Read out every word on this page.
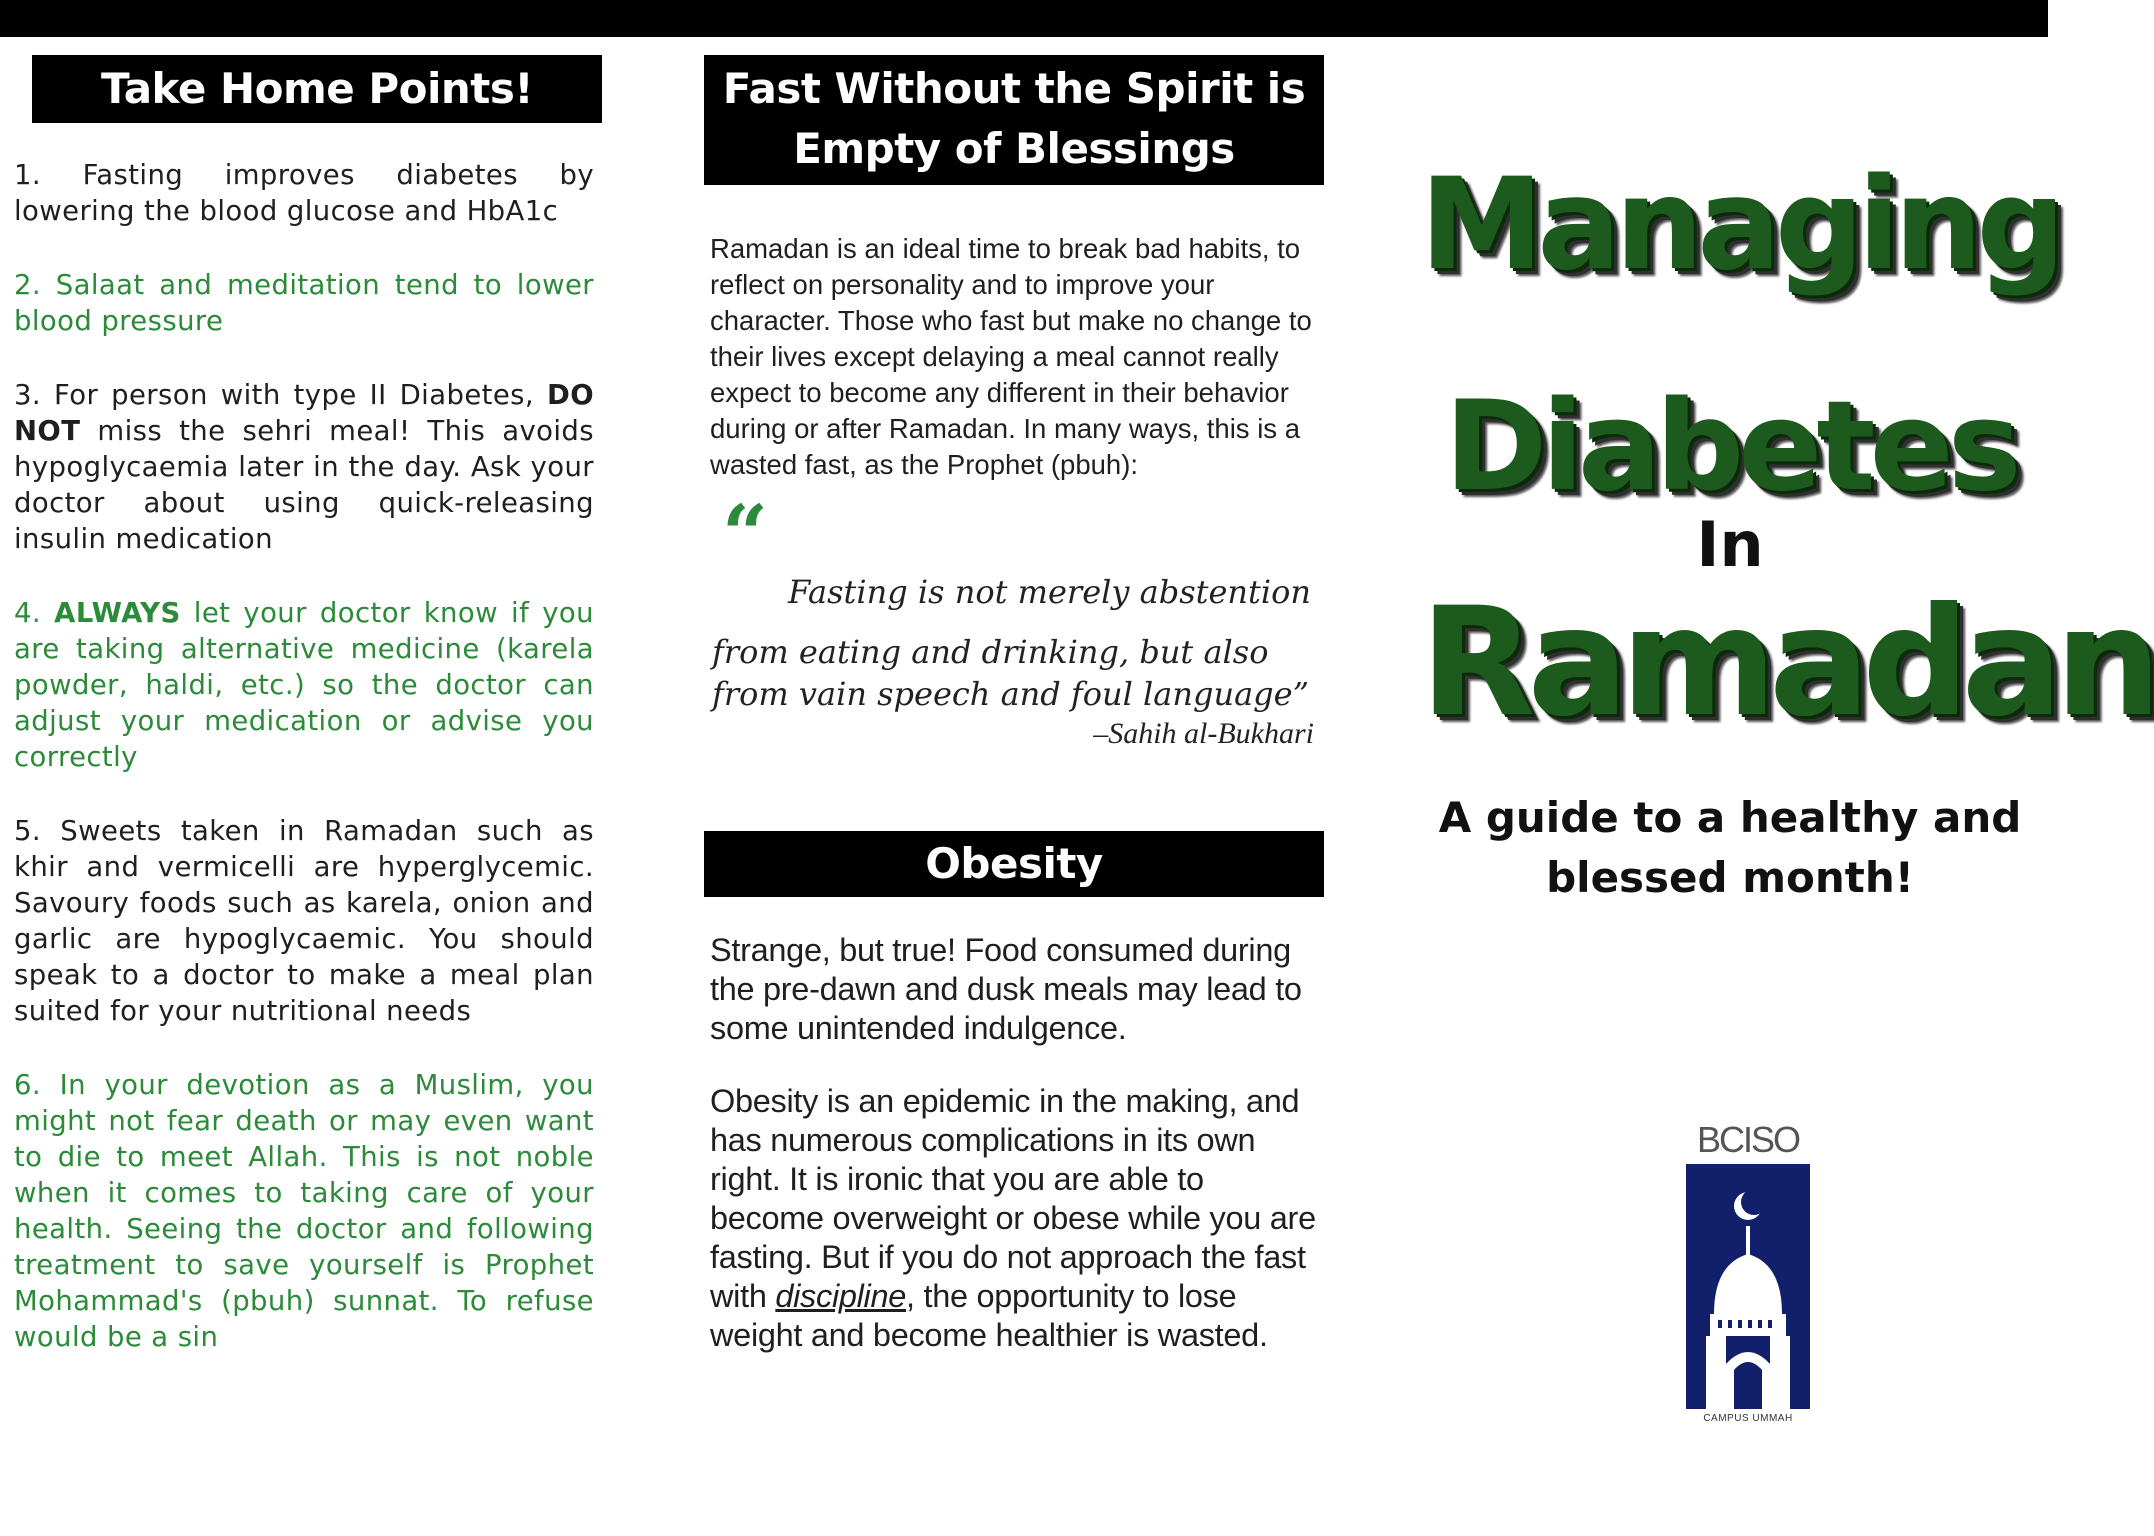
Take Home Points!

1. Fasting improves diabetes by lowering the blood glucose and HbA1c

2. Salaat and meditation tend to lower blood pressure

3. For person with type II Diabetes, DO NOT miss the sehri meal! This avoids hypoglycaemia later in the day. Ask your doctor about using quick-releasing insulin medication

4. ALWAYS let your doctor know if you are taking alternative medicine (karela powder, haldi, etc.) so the doctor can adjust your medication or advise you correctly

5. Sweets taken in Ramadan such as khir and vermicelli are hyperglycemic. Savoury foods such as karela, onion and garlic are hypoglycaemic. You should speak to a doctor to make a meal plan suited for your nutritional needs

6. In your devotion as a Muslim, you might not fear death or may even want to die to meet Allah. This is not noble when it comes to taking care of your health. Seeing the doctor and following treatment to save yourself is Prophet Mohammad's (pbuh) sunnat. To refuse would be a sin

Fast Without the Spirit is
Empty of Blessings
Ramadan is an ideal time to break bad habits, to reflect on personality and to improve your character. Those who fast but make no change to their lives except delaying a meal cannot really expect to become any different in their behavior during or after Ramadan. In many ways, this is a wasted fast, as the Prophet (pbuh):
“
Fasting is not merely abstention
from eating and drinking, but also from vain speech and foul language”
–Sahih al-Bukhari
Obesity
Strange, but true! Food consumed during the pre-dawn and dusk meals may lead to some unintended indulgence.
Obesity is an epidemic in the making, and has numerous complications in its own right. It is ironic that you are able to become overweight or obese while you are fasting. But if you do not approach the fast with discipline, the opportunity to lose weight and become healthier is wasted.
Managing
Diabetes
In
Ramadan
A guide to a healthy and
blessed month!
BCISO
CAMPUS UMMAH
